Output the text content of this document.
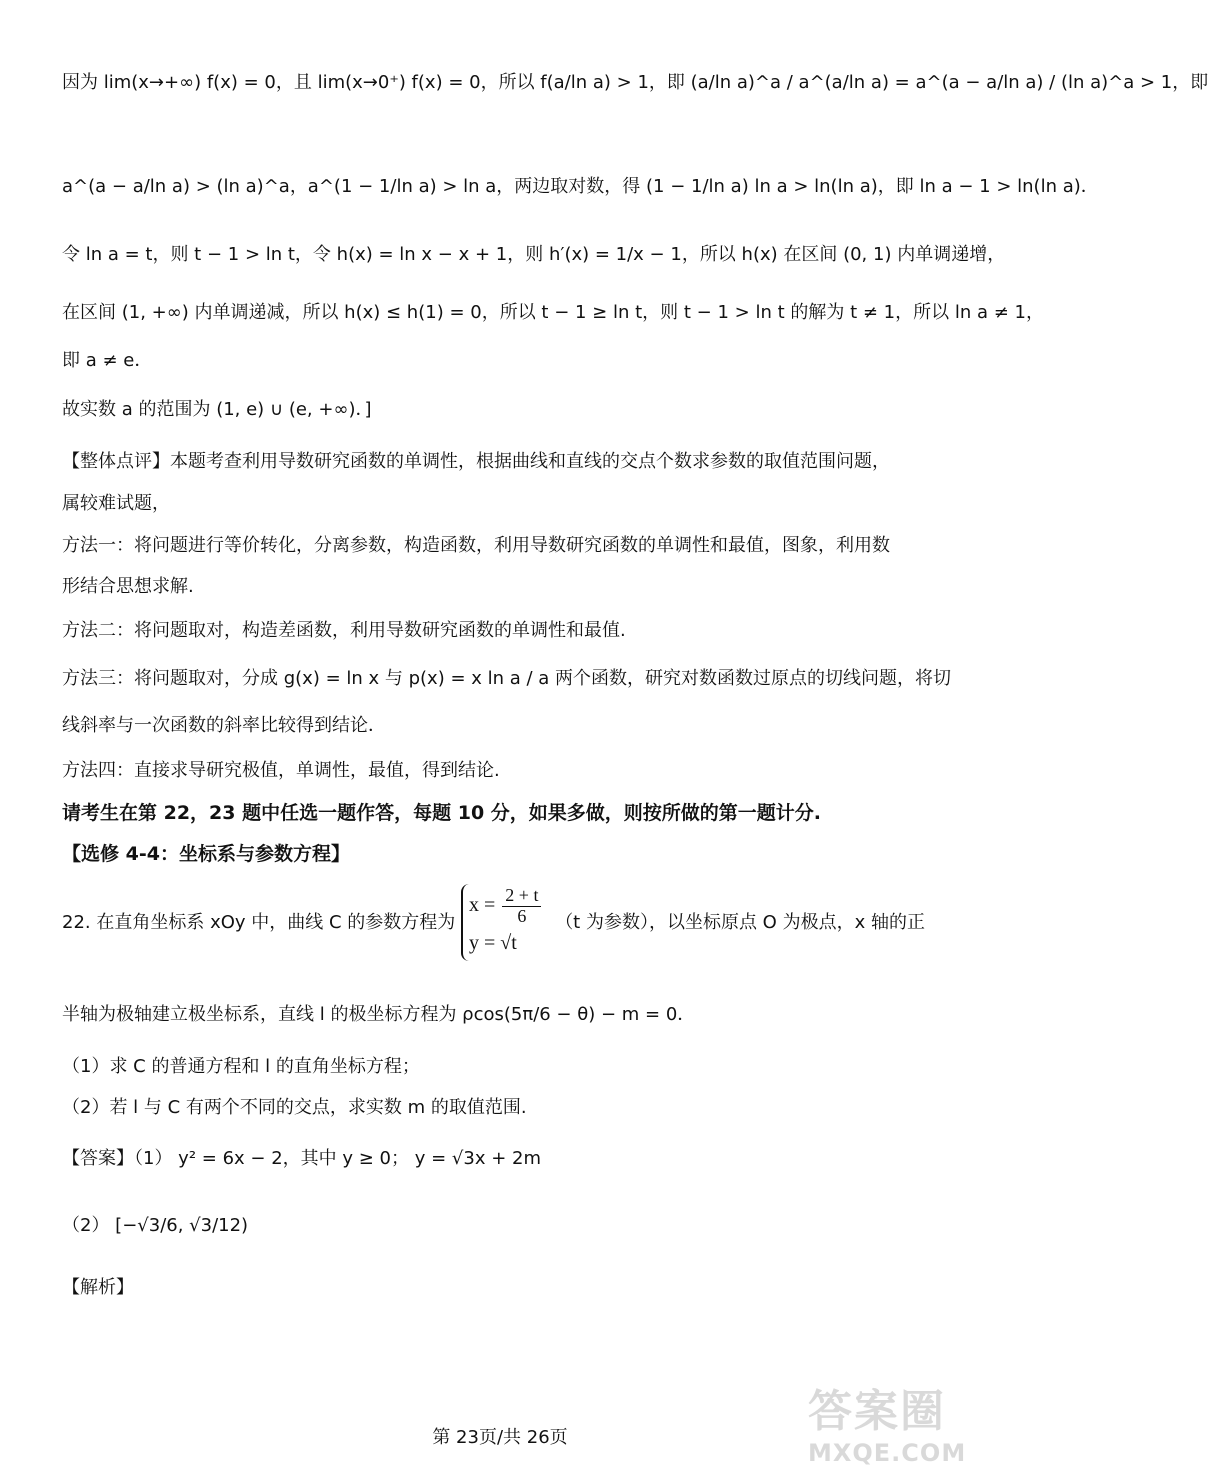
因为 lim(x→+∞) f(x) = 0，且 lim(x→0⁺) f(x) = 0，所以 f(a/ln a) > 1，即 (a/ln a)^a / a^(a/ln a) = a^(a − a/ln a) / (ln a)^a > 1，即
a^(a − a/ln a) > (ln a)^a，a^(1 − 1/ln a) > ln a，两边取对数，得 (1 − 1/ln a) ln a > ln(ln a)，即 ln a − 1 > ln(ln a)．
令 ln a = t，则 t − 1 > ln t，令 h(x) = ln x − x + 1，则 h′(x) = 1/x − 1，所以 h(x) 在区间 (0, 1) 内单调递增，
在区间 (1, +∞) 内单调递减，所以 h(x) ≤ h(1) = 0，所以 t − 1 ≥ ln t，则 t − 1 > ln t 的解为 t ≠ 1，所以 ln a ≠ 1，
即 a ≠ e．
故实数 a 的范围为 (1, e) ∪ (e, +∞)．]
【整体点评】本题考查利用导数研究函数的单调性，根据曲线和直线的交点个数求参数的取值范围问题，
属较难试题，
方法一：将问题进行等价转化，分离参数，构造函数，利用导数研究函数的单调性和最值，图象，利用数
形结合思想求解.
方法二：将问题取对，构造差函数，利用导数研究函数的单调性和最值.
方法三：将问题取对，分成 g(x) = ln x 与 p(x) = x ln a / a 两个函数，研究对数函数过原点的切线问题，将切
线斜率与一次函数的斜率比较得到结论．
方法四：直接求导研究极值，单调性，最值，得到结论.
请考生在第 22，23 题中任选一题作答，每题 10 分，如果多做，则按所做的第一题计分.
【选修 4-4：坐标系与参数方程】
22. 在直角坐标系 xOy 中，曲线 C 的参数方程为
$x = \frac{2 + t}{6}$
y = √t
（t 为参数），以坐标原点 O 为极点，x 轴的正
半轴为极轴建立极坐标系，直线 l 的极坐标方程为 ρcos(5π/6 − θ) − m = 0．
（1）求 C 的普通方程和 l 的直角坐标方程；
（2）若 l 与 C 有两个不同的交点，求实数 m 的取值范围.
【答案】（1） y² = 6x − 2，其中 y ≥ 0； y = √3x + 2m
（2） [−√3/6, √3/12)
【解析】
第 23页/共 26页
答案圈
MXQE.COM
